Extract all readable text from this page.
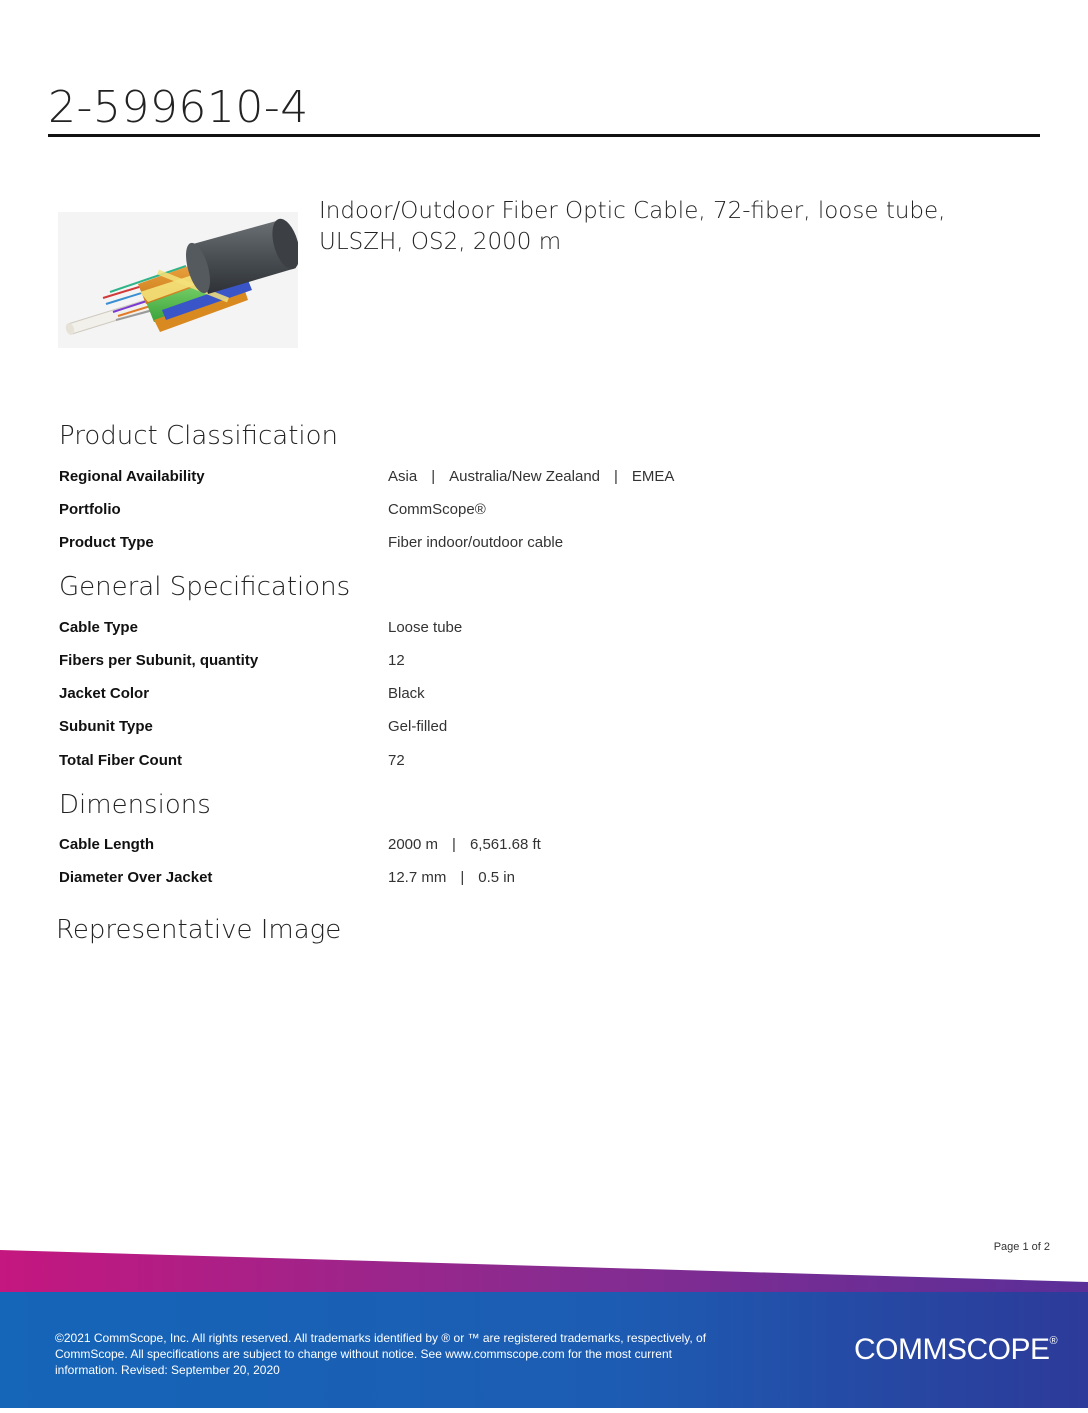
2-599610-4
Indoor/Outdoor Fiber Optic Cable, 72-fiber, loose tube, ULSZH, OS2, 2000 m
Product Classification
Regional Availability	Asia | Australia/New Zealand | EMEA
Portfolio	CommScope®
Product Type	Fiber indoor/outdoor cable
General Specifications
Cable Type	Loose tube
Fibers per Subunit, quantity	12
Jacket Color	Black
Subunit Type	Gel-filled
Total Fiber Count	72
Dimensions
Cable Length	2000 m | 6,561.68 ft
Diameter Over Jacket	12.7 mm | 0.5 in
Representative Image
Page 1 of 2
©2021 CommScope, Inc. All rights reserved. All trademarks identified by ® or ™ are registered trademarks, respectively, of CommScope. All specifications are subject to change without notice. See www.commscope.com for the most current information. Revised: September 20, 2020
COMMSCOPE®
